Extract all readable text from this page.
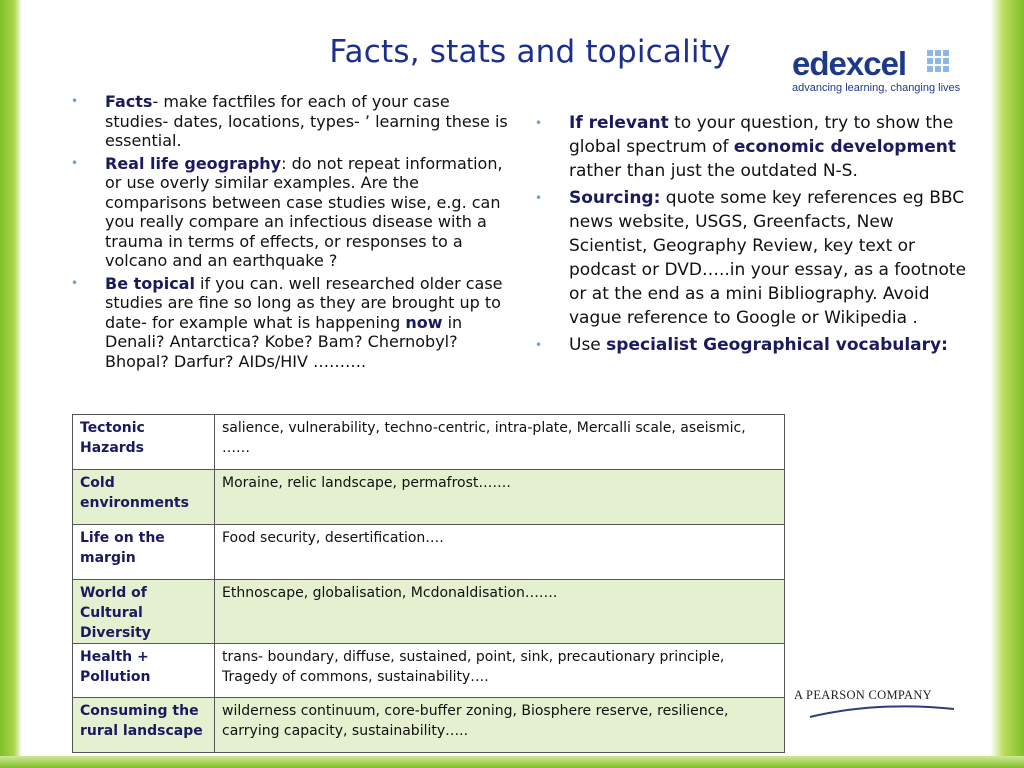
Facts, stats and topicality	edexcel
advancing learning, changing lives
• Facts- make factfiles for each of your case studies- dates, locations, types- ’ learning these is essential.
• Real life geography: do not repeat information, or use overly similar examples. Are the comparisons between case studies wise, e.g. can you really compare an infectious disease with a trauma in terms of effects, or responses to a volcano and an earthquake ?
• Be topical if you can. well researched older case studies are fine so long as they are brought up to date- for example what is happening now in Denali? Antarctica? Kobe? Bam? Chernobyl? Bhopal? Darfur? AIDs/HIV ……….
• If relevant to your question, try to show the global spectrum of economic development rather than just the outdated N-S.
• Sourcing: quote some key references eg BBC news website, USGS, Greenfacts, New Scientist, Geography Review, key text or podcast or DVD…..in your essay, as a footnote or at the end as a mini Bibliography. Avoid vague reference to Google or Wikipedia .
• Use specialist Geographical vocabulary:
Tectonic Hazards	salience, vulnerability, techno-centric, intra-plate, Mercalli scale, aseismic, ……
Cold environments	Moraine, relic landscape, permafrost…….
Life on the margin	Food security, desertification….
World of Cultural Diversity	Ethnoscape, globalisation, Mcdonaldisation…….
Health + Pollution	trans- boundary, diffuse, sustained, point, sink, precautionary principle, Tragedy of commons, sustainability….
Consuming the rural landscape	wilderness continuum, core-buffer zoning, Biosphere reserve, resilience, carrying capacity, sustainability…..
A PEARSON COMPANY
